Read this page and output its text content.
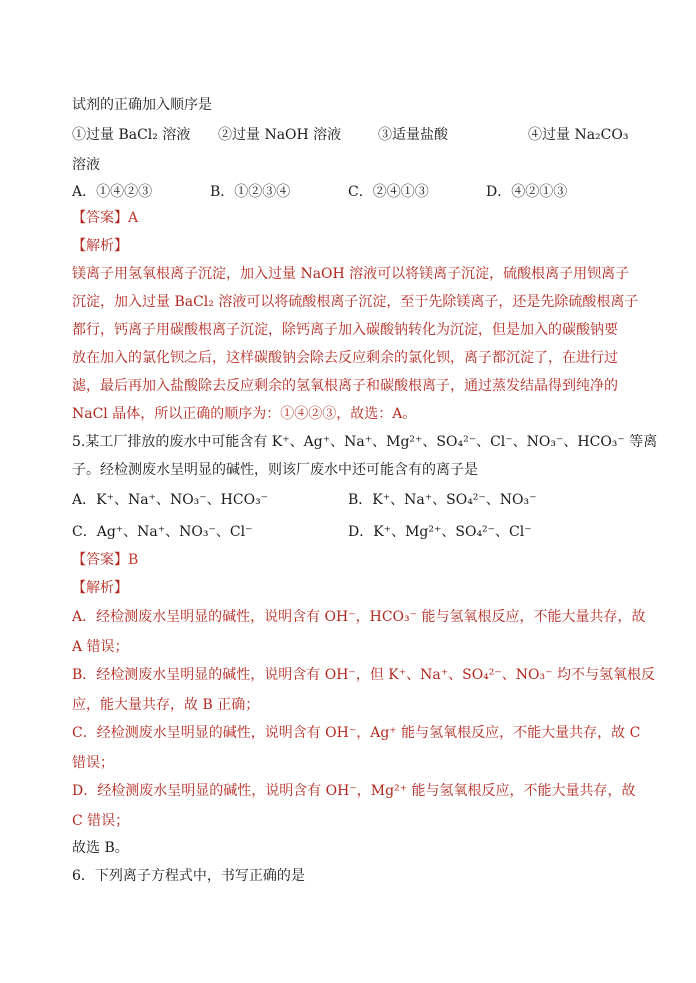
试剂的正确加入顺序是
①过量 BaCl₂ 溶液 ②过量 NaOH 溶液	③适量盐酸	④过量 Na₂CO₃
溶液
A．①④②③	B．①②③④	C．②④①③	D．④②①③
【答案】A
【解析】
镁离子用氢氧根离子沉淀，加入过量 NaOH 溶液可以将镁离子沉淀，硫酸根离子用钡离子
沉淀，加入过量 BaCl₂ 溶液可以将硫酸根离子沉淀，至于先除镁离子，还是先除硫酸根离子
都行，钙离子用碳酸根离子沉淀，除钙离子加入碳酸钠转化为沉淀，但是加入的碳酸钠要
放在加入的氯化钡之后，这样碳酸钠会除去反应剩余的氯化钡，离子都沉淀了，在进行过
滤，最后再加入盐酸除去反应剩余的氢氧根离子和碳酸根离子，通过蒸发结晶得到纯净的
NaCl 晶体，所以正确的顺序为：①④②③，故选：A。
5.某工厂排放的废水中可能含有 K⁺、Ag⁺、Na⁺、Mg²⁺、SO₄²⁻、Cl⁻、NO₃⁻、HCO₃⁻ 等离
子。经检测废水呈明显的碱性，则该厂废水中还可能含有的离子是
A．K⁺、Na⁺、NO₃⁻、HCO₃⁻	B．K⁺、Na⁺、SO₄²⁻、NO₃⁻
C．Ag⁺、Na⁺、NO₃⁻、Cl⁻	D．K⁺、Mg²⁺、SO₄²⁻、Cl⁻
【答案】B
【解析】
A．经检测废水呈明显的碱性，说明含有 OH⁻，HCO₃⁻ 能与氢氧根反应，不能大量共存，故
A 错误；
B．经检测废水呈明显的碱性，说明含有 OH⁻，但 K⁺、Na⁺、SO₄²⁻、NO₃⁻ 均不与氢氧根反
应，能大量共存，故 B 正确；
C．经检测废水呈明显的碱性，说明含有 OH⁻，Ag⁺ 能与氢氧根反应，不能大量共存，故 C
错误；
D．经检测废水呈明显的碱性，说明含有 OH⁻，Mg²⁺ 能与氢氧根反应，不能大量共存，故
C 错误；
故选 B。
6．下列离子方程式中，书写正确的是
